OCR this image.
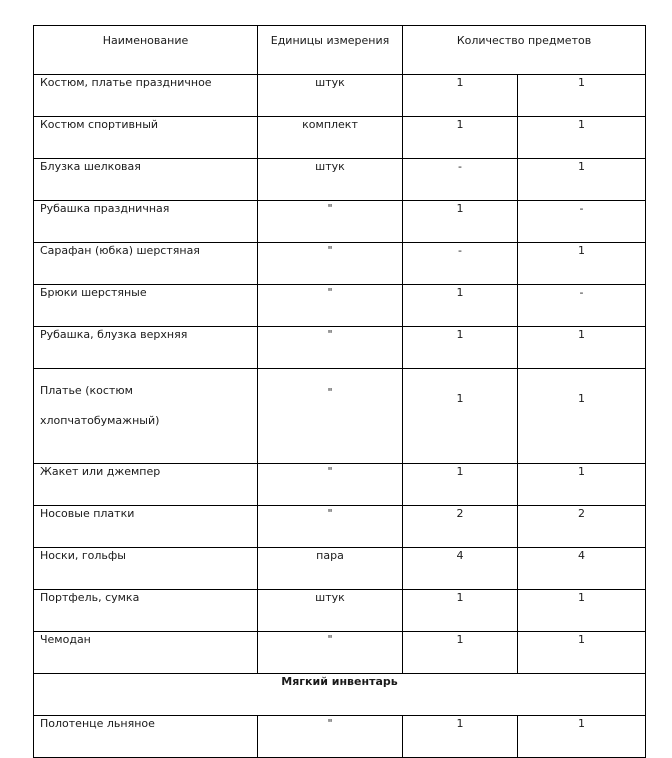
Наименование	Единицы измерения	Количество предметов	
Костюм, платье праздничное	штук	1	1
Костюм спортивный	комплект	1	1
Блузка шелковая	штук	-	1
Рубашка праздничная	"	1	-
Сарафан (юбка) шерстяная	"	-	1
Брюки шерстяные	"	1	-
Рубашка, блузка верхняя	"	1	1
Платье (костюм хлопчатобумажный)	"	1	1
Жакет или джемпер	"	1	1
Носовые платки	"	2	2
Носки, гольфы	пара	4	4
Портфель, сумка	штук	1	1
Чемодан	"	1	1
Мягкий инвентарь			
Полотенце льняное	"	1	1
